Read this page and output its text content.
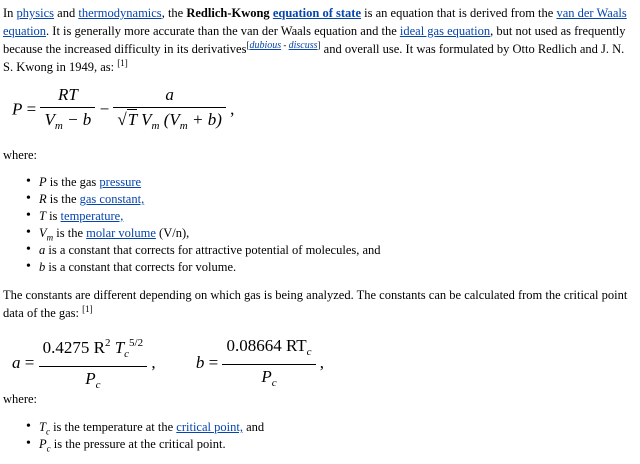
In physics and thermodynamics, the Redlich-Kwong equation of state is an equation that is derived from the van der Waals equation. It is generally more accurate than the van der Waals equation and the ideal gas equation, but not used as frequently because the increased difficulty in its derivatives[dubious - discuss] and overall use. It was formulated by Otto Redlich and J. N. S. Kwong in 1949, as: [1]

$P = \frac{RT}{V_m - b} - \frac{a}{√T V_m (V_m + b)}$ ,

where:

• P is the gas pressure
• R is the gas constant,
• T is temperature,
• $V_m$ is the molar volume (V/n),
• a is a constant that corrects for attractive potential of molecules, and
• b is a constant that corrects for volume.

The constants are different depending on which gas is being analyzed. The constants can be calculated from the critical point data of the gas: [1]

$a = \frac{0.4275 R^2 T_c^{5/2}}{P_c}$ , $b = \frac{0.08664 RT_c}{P_c}$ ,

where:

• $T_c$ is the temperature at the critical point, and
• $P_c$ is the pressure at the critical point.
